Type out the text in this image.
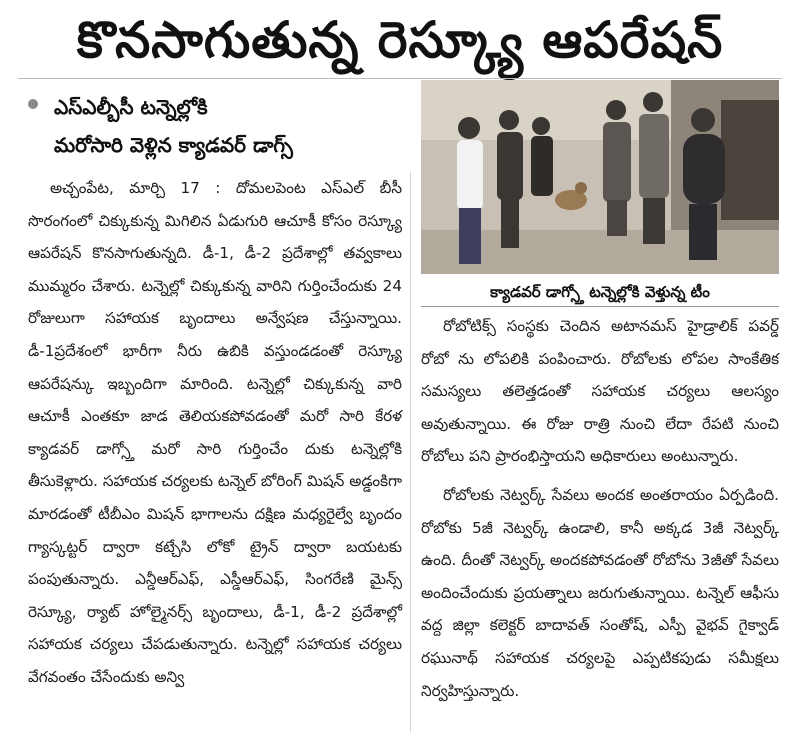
కొనసాగుతున్న రెస్క్యూ ఆపరేషన్
ఎస్ఎల్బీసీ టన్నెల్లోకి
మరోసారి వెళ్లిన క్యాడవర్ డాగ్స్

అచ్చంపేట, మార్చి 17 : దోమలపెంట ఎస్ఎల్ బీసీ సొరంగంలో చిక్కుకున్న మిగిలిన ఏడుగురి ఆచూకీ కోసం రెస్క్యూ ఆపరేషన్ కొనసాగుతున్నది. డీ-1, డీ-2 ప్రదేశాల్లో తవ్వకాలు ముమ్మరం చేశారు. టన్నెల్లో చిక్కుకున్న వారిని గుర్తించేందుకు 24 రోజులుగా సహాయక బృందాలు అన్వేషణ చేస్తున్నాయి. డీ-1ప్రదేశంలో భారీగా నీరు ఉబికి వస్తుండడంతో రెస్క్యూ ఆపరేషన్కు ఇబ్బందిగా మారింది. టన్నెల్లో చిక్కుకున్న వారి ఆచూకీ ఎంతకూ జాడ తెలియకపోవడంతో మరో సారి కేరళ క్యాడవర్ డాగ్స్తో మరో సారి గుర్తించేం దుకు టన్నెల్లోకి తీసుకెళ్లారు. సహాయక చర్యలకు టన్నెల్ బోరింగ్ మిషన్ అడ్డంకిగా మారడంతో టీబీఎం మిషన్ భాగాలను దక్షిణ మధ్యరైల్వే బృందం గ్యాస్కట్టర్ ద్వారా కట్చేసి లోకో ట్రైన్ ద్వారా బయటకు పంపుతున్నారు. ఎన్డీఆర్ఎఫ్, ఎస్డీఆర్ఎఫ్, సింగరేణి మైన్స్ రెస్క్యూ, ర్యాట్ హోల్మైనర్స్ బృందాలు, డీ-1, డీ-2 ప్రదేశాల్లో సహాయక చర్యలు చేపడుతున్నారు. టన్నెల్లో సహాయక చర్యలు వేగవంతం చేసేందుకు అన్వి

క్యాడవర్ డాగ్స్తో టన్నెల్లోకి వెళ్తున్న టీం

రోబోటిక్స్ సంస్థకు చెందిన అటానమస్ హైడ్రాలిక్ పవర్డ్ రోబో ను లోపలికి పంపించారు. రోబోలకు లోపల సాంకేతిక సమస్యలు తలెత్తడంతో సహాయక చర్యలు ఆలస్యం అవుతున్నాయి. ఈ రోజు రాత్రి నుంచి లేదా రేపటి నుంచి రోబోలు పని ప్రారంభిస్తాయని అధికారులు అంటున్నారు.

రోబోలకు నెట్వర్క్ సేవలు అందక అంతరాయం ఏర్పడింది. రోబోకు 5జీ నెట్వర్క్ ఉండాలి, కానీ అక్కడ 3జీ నెట్వర్క్ ఉంది. దీంతో నెట్వర్క్ అందకపోవడంతో రోబోను 3జీతో సేవలు అందించేందుకు ప్రయత్నాలు జరుగుతున్నాయి. టన్నెల్ ఆఫీసు వద్ద జిల్లా కలెక్టర్ బాదావత్ సంతోష్, ఎస్పీ వైభవ్ గైక్వాడ్ రఘునాథ్ సహాయక చర్యలపై ఎప్పటికపుడు సమీక్షలు నిర్వహిస్తున్నారు.
